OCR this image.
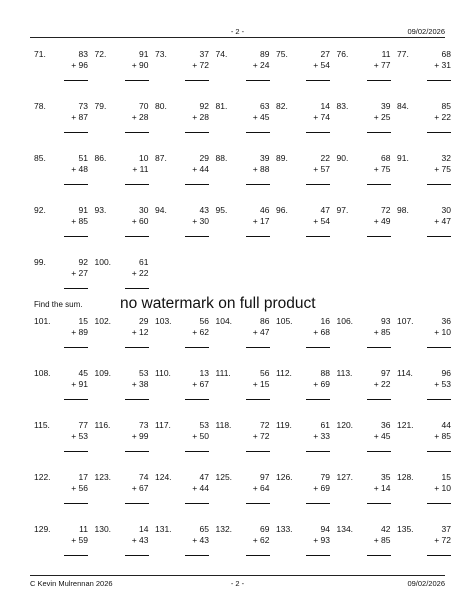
- 2 -	09/02/2026
71.	83
+ 96
72.	91
+ 90
73.	37
+ 72
74.	89
+ 24
75.	27
+ 54
76.	11
+ 77
77.	68
+ 31
78.	73
+ 87
79.	70
+ 28
80.	92
+ 28
81.	63
+ 45
82.	14
+ 74
83.	39
+ 25
84.	85
+ 22
85.	51
+ 48
86.	10
+ 11
87.	29
+ 44
88.	39
+ 88
89.	22
+ 57
90.	68
+ 75
91.	32
+ 75
92.	91
+ 85
93.	30
+ 60
94.	43
+ 30
95.	46
+ 17
96.	47
+ 54
97.	72
+ 49
98.	30
+ 47
99.	92
+ 27
100.	61
+ 22
Find the sum. no watermark on full product
101.	15
+ 89
102.	29
+ 12
103.	56
+ 62
104.	86
+ 47
105.	16
+ 68
106.	93
+ 85
107.	36
+ 10
108.	45
+ 91
109.	53
+ 38
110.	13
+ 67
111.	56
+ 15
112.	88
+ 69
113.	97
+ 22
114.	96
+ 53
115.	77
+ 53
116.	73
+ 99
117.	53
+ 50
118.	72
+ 72
119.	61
+ 33
120.	36
+ 45
121.	44
+ 85
122.	17
+ 56
123.	74
+ 67
124.	47
+ 44
125.	97
+ 64
126.	79
+ 69
127.	35
+ 14
128.	15
+ 10
129.	11
+ 59
130.	14
+ 43
131.	65
+ 43
132.	69
+ 62
133.	94
+ 93
134.	42
+ 85
135.	37
+ 72
C Kevin Mulrennan 2026	- 2 -	09/02/2026
